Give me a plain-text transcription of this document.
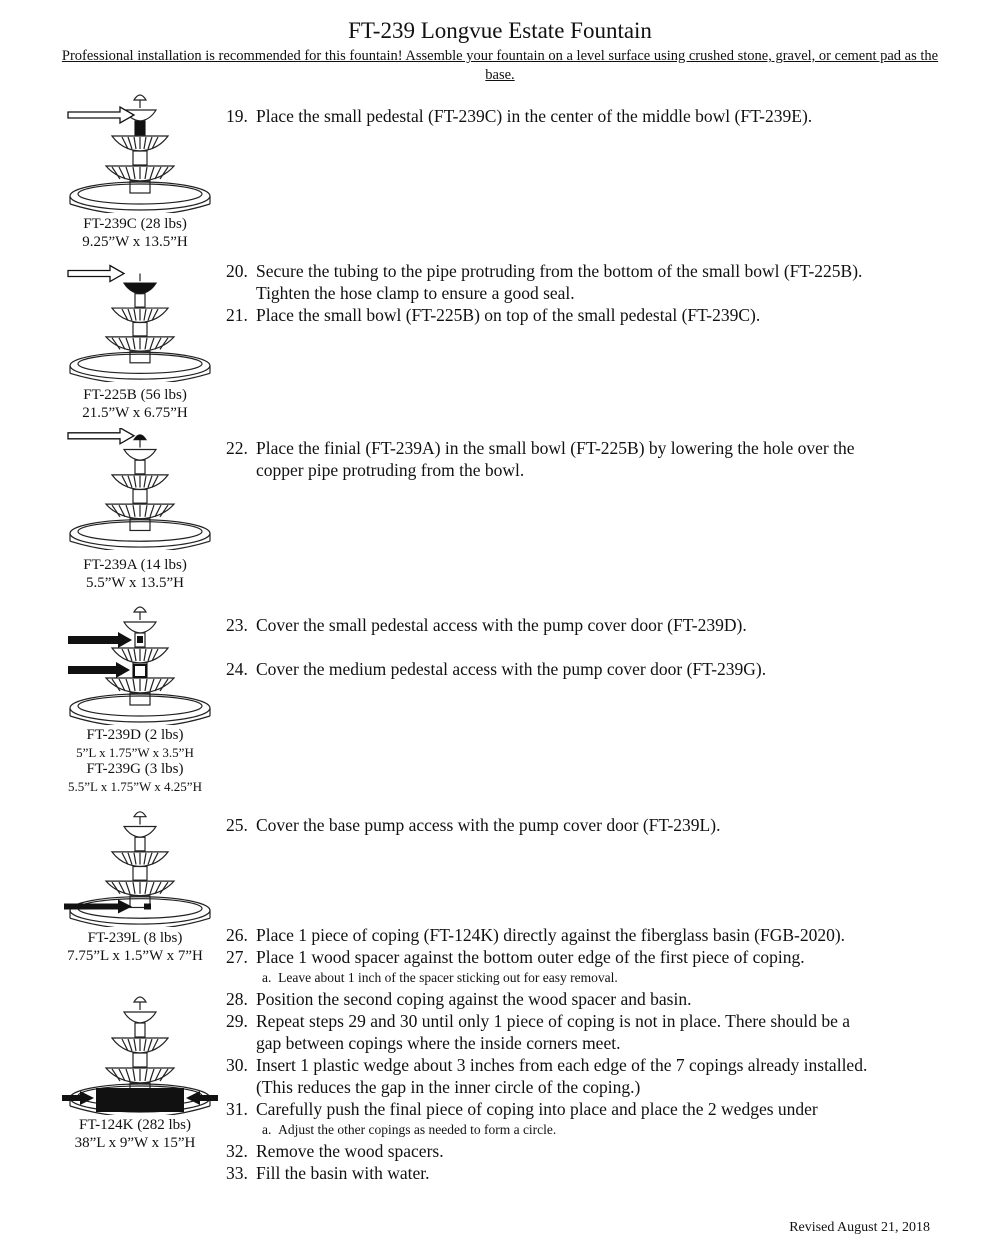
FT-239 Longvue Estate Fountain
Professional installation is recommended for this fountain! Assemble your fountain on a level surface using crushed stone, gravel, or cement pad as the base.
FT-239C (28 lbs)
9.25”W x 13.5”H
FT-225B (56 lbs)
21.5”W x 6.75”H
FT-239A (14 lbs)
5.5”W x 13.5”H
FT-239D (2 lbs)
5”L x 1.75”W x 3.5”H
FT-239G (3 lbs)
5.5”L x 1.75”W x 4.25”H
FT-239L (8 lbs)
7.75”L x 1.5”W x 7”H
FT-124K (282 lbs)
38”L x 9”W x 15”H
19. Place the small pedestal (FT-239C) in the center of the middle bowl (FT-239E).
20. Secure the tubing to the pipe protruding from the bottom of the small bowl (FT-225B).
Tighten the hose clamp to ensure a good seal.
21. Place the small bowl (FT-225B) on top of the small pedestal (FT-239C).
22. Place the finial (FT-239A) in the small bowl (FT-225B) by lowering the hole over the
copper pipe protruding from the bowl.
23. Cover the small pedestal access with the pump cover door (FT-239D).
24. Cover the medium pedestal access with the pump cover door (FT-239G).
25. Cover the base pump access with the pump cover door (FT-239L).
26. Place 1 piece of coping (FT-124K) directly against the fiberglass basin (FGB-2020).
27. Place 1 wood spacer against the bottom outer edge of the first piece of coping.
a. Leave about 1 inch of the spacer sticking out for easy removal.
28. Position the second coping against the wood spacer and basin.
29. Repeat steps 29 and 30 until only 1 piece of coping is not in place. There should be a
gap between copings where the inside corners meet.
30. Insert 1 plastic wedge about 3 inches from each edge of the 7 copings already installed.
(This reduces the gap in the inner circle of the coping.)
31. Carefully push the final piece of coping into place and place the 2 wedges under
a. Adjust the other copings as needed to form a circle.
32. Remove the wood spacers.
33. Fill the basin with water.
Revised August 21, 2018
